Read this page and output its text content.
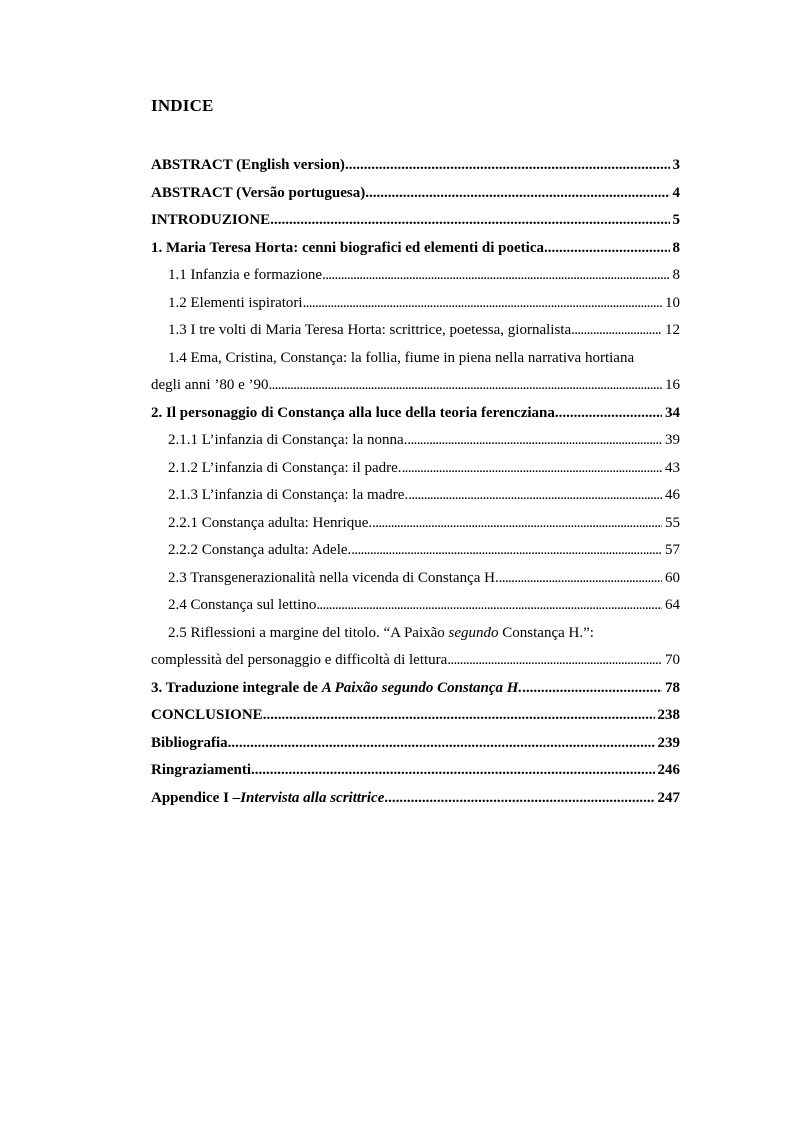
INDICE
ABSTRACT (English version) .....	3
ABSTRACT (Versão portuguesa) .....	4
INTRODUZIONE .....	5
1. Maria Teresa Horta: cenni biografici ed elementi di poetica .....	8
1.1 Infanzia e formazione . . .	8
1.2 Elementi ispiratori . . .	10
1.3 I tre volti di Maria Teresa Horta: scrittrice, poetessa, giornalista . . .	12
1.4 Ema, Cristina, Constança: la follia, fiume in piena nella narrativa hortiana
degli anni ’80 e ’90 . . .	16
2. Il personaggio di Constança alla luce della teoria ferencziana .....	34
2.1.1 L’infanzia di Constança: la nonna. . . .	39
2.1.2 L’infanzia di Constança: il padre. . . .	43
2.1.3 L’infanzia di Constança: la madre. . . .	46
2.2.1 Constança adulta: Henrique. . . .	55
2.2.2 Constança adulta: Adele. . . .	57
2.3 Transgenerazionalità nella vicenda di Constança H. . . .	60
2.4 Constança sul lettino . . .	64
2.5 Riflessioni a margine del titolo. “A Paixão segundo Constança H.”:
complessità del personaggio e difficoltà di lettura . . .	70
3. Traduzione integrale de A Paixão segundo Constança H. .....	78
CONCLUSIONE .....	238
Bibliografia .....	239
Ringraziamenti .....	246
Appendice I –Intervista alla scrittrice .....	247
